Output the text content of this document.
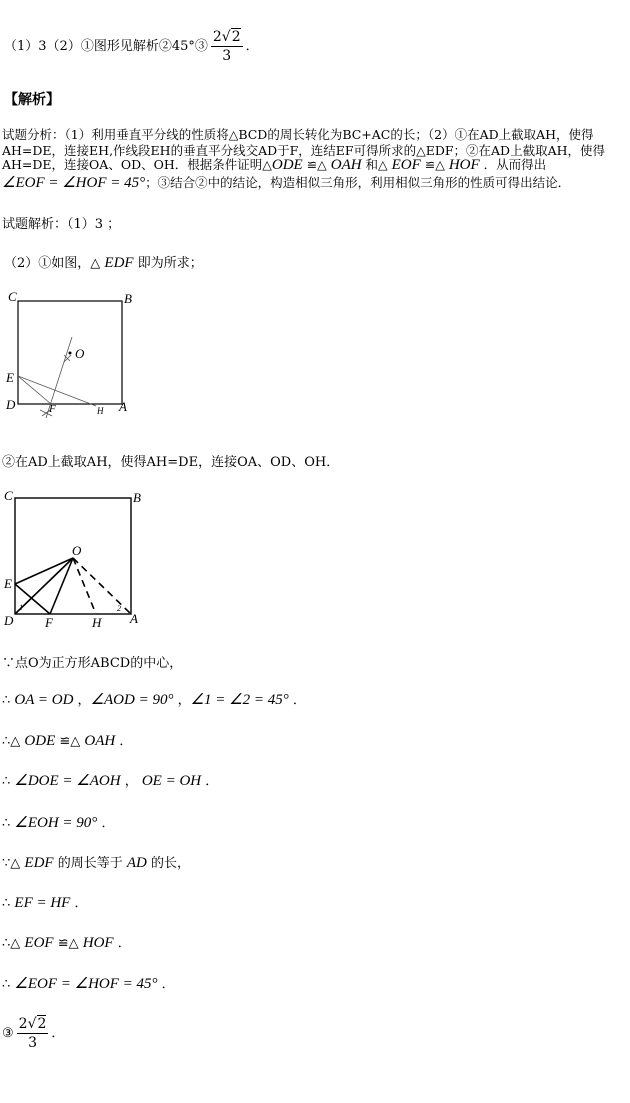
（1）3（2）①图形见解析②45°③ $\frac{2√2}{3}$ ．
【解析】
试题分析：（1）利用垂直平分线的性质将△BCD的周长转化为BC+AC的长；（2）①在AD上截取AH，使得
AH=DE，连接EH,作线段EH的垂直平分线交AD于F，连结EF可得所求的△EDF；②在AD上截取AH，使得
AH=DE，连接OA、OD、OH．根据条件证明△ODE ≌△ OAH 和△ EOF ≌△ HOF ．从而得出
∠EOF = ∠HOF = 45°；③结合②中的结论，构造相似三角形，利用相似三角形的性质可得出结论．
试题解析：（1）3 ；
（2）①如图，△ EDF 即为所求；
C	B
O
E
D	F	H A
②在AD上截取AH，使得AH=DE，连接OA、OD、OH．
C	B
O
E
D F	H A
1	2
∵点O为正方形ABCD的中心，
∴ OA = OD ，∠AOD = 90° ，∠1 = ∠2 = 45° ．
∴△ ODE ≌△ OAH ．
∴ ∠DOE = ∠AOH ， OE = OH ．
∴ ∠EOH = 90° ．
∵△ EDF 的周长等于 AD 的长，
∴ EF = HF ．
∴△ EOF ≌△ HOF ．
∴ ∠EOF = ∠HOF = 45° ．
③ $\frac{2√2}{3}$ ．
